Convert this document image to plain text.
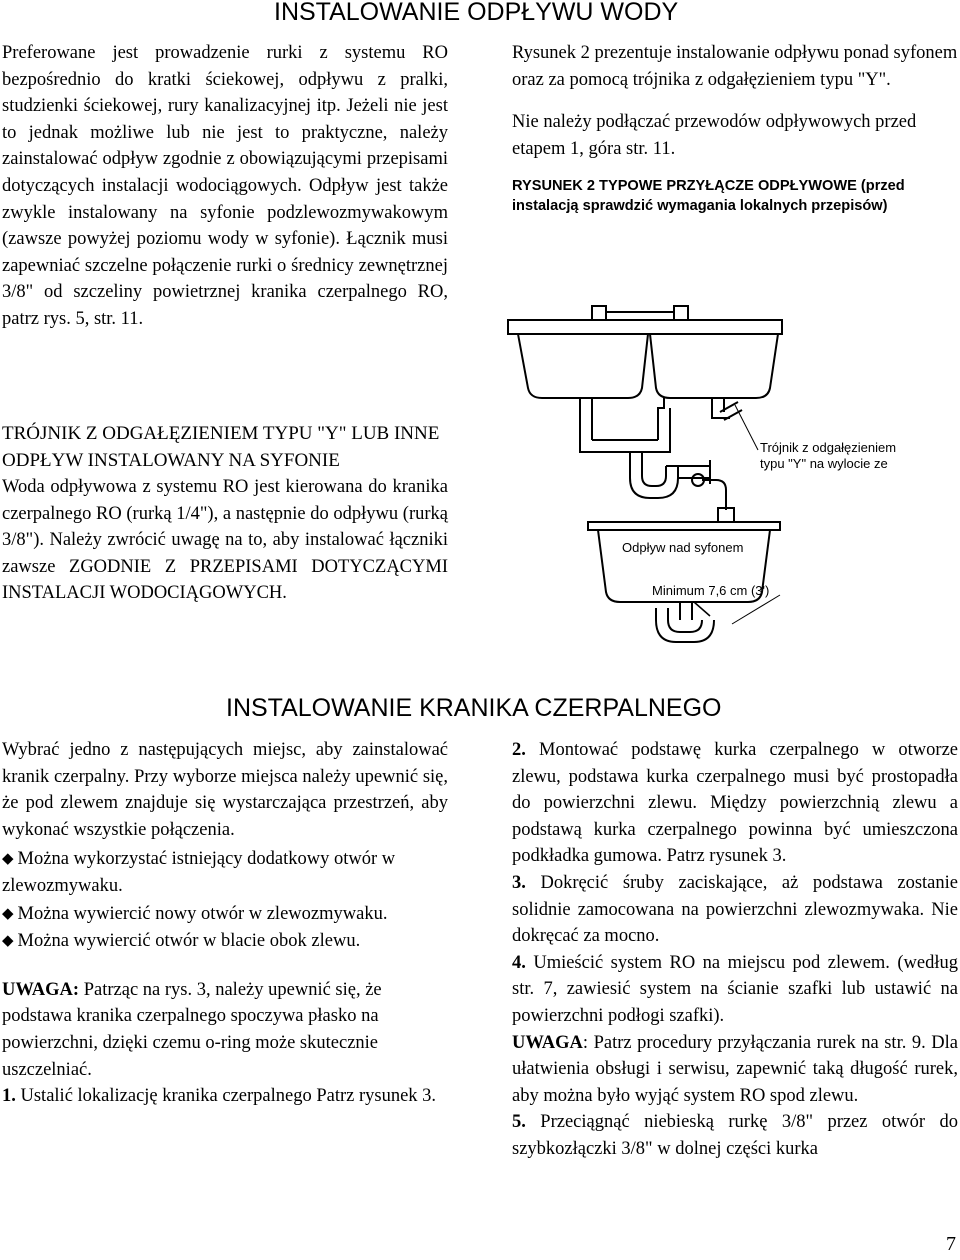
INSTALOWANIE ODPŁYWU WODY

Preferowane jest prowadzenie rurki z systemu RO bezpośrednio do kratki ściekowej, odpływu z pralki, studzienki ściekowej, rury kanalizacyjnej itp. Jeżeli nie jest to jednak możliwe lub nie jest to praktyczne, należy zainstalować odpływ zgodnie z obowiązującymi przepisami dotyczących instalacji wodociągowych. Odpływ jest także zwykle instalowany na syfonie podzlewozmywakowym (zawsze powyżej poziomu wody w syfonie). Łącznik musi zapewniać szczelne połączenie rurki o średnicy zewnętrznej 3/8" od szczeliny powietrznej kranika czerpalnego RO, patrz rys. 5, str. 11.

Rysunek 2 prezentuje instalowanie odpływu ponad syfonem oraz za pomocą trójnika z odgałęzieniem typu "Y".

Nie należy podłączać przewodów odpływowych przed etapem 1, góra str. 11.

RYSUNEK 2 TYPOWE PRZYŁĄCZE ODPŁYWOWE (przed instalacją sprawdzić wymagania lokalnych przepisów)

Trójnik z odgałęzieniem
typu "Y" na wylocie ze
Odpływ nad syfonem
Minimum 7,6 cm (3')

TRÓJNIK Z ODGAŁĘZIENIEM TYPU "Y" LUB INNE ODPŁYW INSTALOWANY NA SYFONIE

Woda odpływowa z systemu RO jest kierowana do kranika czerpalnego RO (rurką 1/4"), a następnie do odpływu (rurką 3/8"). Należy zwrócić uwagę na to, aby instalować łączniki zawsze ZGODNIE Z PRZEPISAMI DOTYCZĄCYMI INSTALACJI WODOCIĄGOWYCH.

INSTALOWANIE KRANIKA CZERPALNEGO

Wybrać jedno z następujących miejsc, aby zainstalować kranik czerpalny. Przy wyborze miejsca należy upewnić się, że pod zlewem znajduje się wystarczająca przestrzeń, aby wykonać wszystkie połączenia.

◆ Można wykorzystać istniejący dodatkowy otwór w zlewozmywaku.

◆ Można wywiercić nowy otwór w zlewozmywaku.

◆ Można wywiercić otwór w blacie obok zlewu.

UWAGA: Patrząc na rys. 3, należy upewnić się, że podstawa kranika czerpalnego spoczywa płasko na powierzchni, dzięki czemu o-ring może skutecznie uszczelniać.

1. Ustalić lokalizację kranika czerpalnego Patrz rysunek 3.

2. Montować podstawę kurka czerpalnego w otworze zlewu, podstawa kurka czerpalnego musi być prostopadła do powierzchni zlewu. Między powierzchnią zlewu a podstawą kurka czerpalnego powinna być umieszczona podkładka gumowa. Patrz rysunek 3.

3. Dokręcić śruby zaciskające, aż podstawa zostanie solidnie zamocowana na powierzchni zlewozmywaka. Nie dokręcać za mocno.

4. Umieścić system RO na miejscu pod zlewem. (według str. 7, zawiesić system na ścianie szafki lub ustawić na powierzchni podłogi szafki).

UWAGA: Patrz procedury przyłączania rurek na str. 9. Dla ułatwienia obsługi i serwisu, zapewnić taką długość rurek, aby można było wyjąć system RO spod zlewu.

5. Przeciągnąć niebieską rurkę 3/8" przez otwór do szybkozłączki 3/8" w dolnej części kurka

7
